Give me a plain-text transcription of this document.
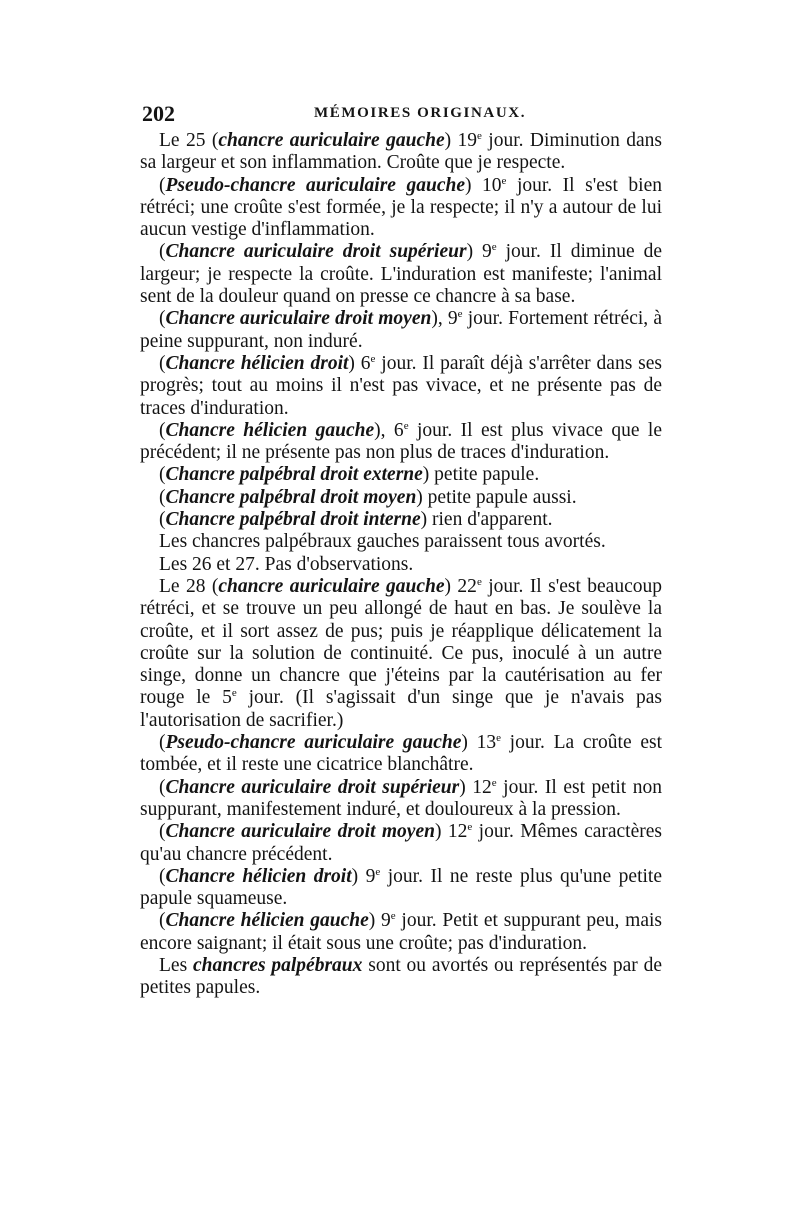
202	MÉMOIRES ORIGINAUX.

Le 25 (chancre auriculaire gauche) 19e jour. Diminution dans sa largeur et son inflammation. Croûte que je respecte.

(Pseudo-chancre auriculaire gauche) 10e jour. Il s'est bien rétréci; une croûte s'est formée, je la respecte; il n'y a autour de lui aucun vestige d'inflammation.

(Chancre auriculaire droit supérieur) 9e jour. Il diminue de largeur; je respecte la croûte. L'induration est manifeste; l'animal sent de la douleur quand on presse ce chancre à sa base.

(Chancre auriculaire droit moyen), 9e jour. Fortement rétréci, à peine suppurant, non induré.

(Chancre hélicien droit) 6e jour. Il paraît déjà s'arrêter dans ses progrès; tout au moins il n'est pas vivace, et ne présente pas de traces d'induration.

(Chancre hélicien gauche), 6e jour. Il est plus vivace que le précédent; il ne présente pas non plus de traces d'induration.

(Chancre palpébral droit externe) petite papule.

(Chancre palpébral droit moyen) petite papule aussi.

(Chancre palpébral droit interne) rien d'apparent.

Les chancres palpébraux gauches paraissent tous avortés.

Les 26 et 27. Pas d'observations.

Le 28 (chancre auriculaire gauche) 22e jour. Il s'est beaucoup rétréci, et se trouve un peu allongé de haut en bas. Je soulève la croûte, et il sort assez de pus; puis je réapplique délicatement la croûte sur la solution de continuité. Ce pus, inoculé à un autre singe, donne un chancre que j'éteins par la cautérisation au fer rouge le 5e jour. (Il s'agissait d'un singe que je n'avais pas l'autorisation de sacrifier.)

(Pseudo-chancre auriculaire gauche) 13e jour. La croûte est tombée, et il reste une cicatrice blanchâtre.

(Chancre auriculaire droit supérieur) 12e jour. Il est petit non suppurant, manifestement induré, et douloureux à la pression.

(Chancre auriculaire droit moyen) 12e jour. Mêmes caractères qu'au chancre précédent.

(Chancre hélicien droit) 9e jour. Il ne reste plus qu'une petite papule squameuse.

(Chancre hélicien gauche) 9e jour. Petit et suppurant peu, mais encore saignant; il était sous une croûte; pas d'induration.

Les chancres palpébraux sont ou avortés ou représentés par de petites papules.
